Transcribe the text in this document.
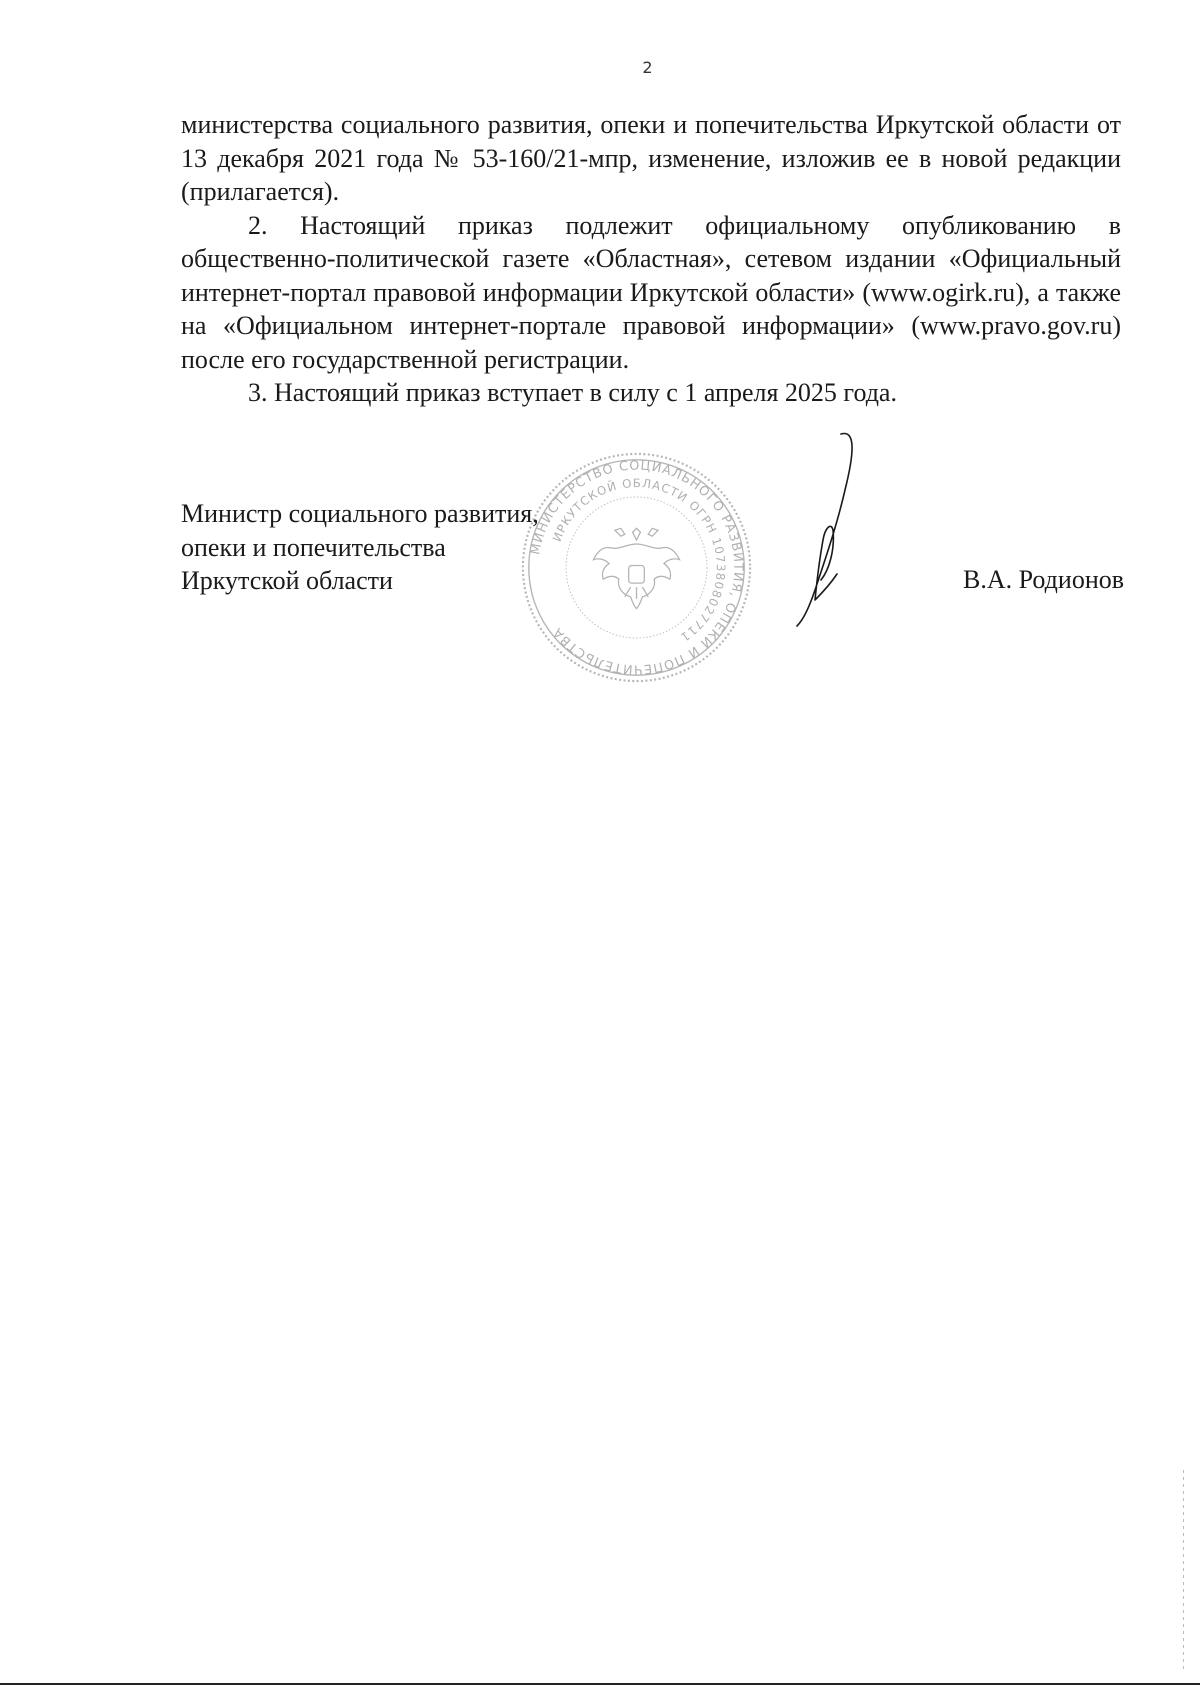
2

министерства социального развития, опеки и попечительства Иркутской области от 13 декабря 2021 года № 53-160/21-мпр, изменение, изложив ее в новой редакции (прилагается).

2. Настоящий приказ подлежит официальному опубликованию в общественно-политической газете «Областная», сетевом издании «Официальный интернет-портал правовой информации Иркутской области» (www.ogirk.ru), а также на «Официальном интернет-портале правовой информации» (www.pravo.gov.ru) после его государственной регистрации.

3. Настоящий приказ вступает в силу с 1 апреля 2025 года.

МИНИСТЕРСТВО СОЦИАЛЬНОГО РАЗВИТИЯ, ОПЕКИ И ПОПЕЧИТЕЛЬСТВА
ИРКУТСКОЙ ОБЛАСТИ ОГРН 1073808027711
Министр социального развития,
опеки и попечительства
Иркутской области	В.А. Родионов
